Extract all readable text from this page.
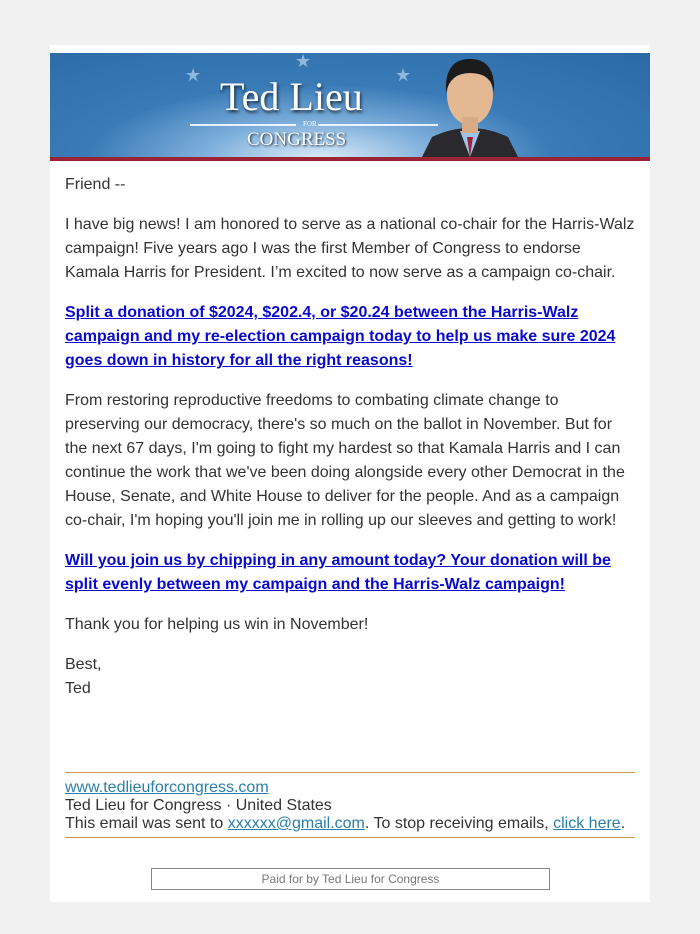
★
★
★
Ted Lieu
FOR
CONGRESS

Friend --

I have big news! I am honored to serve as a national co-chair for the Harris-Walz campaign! Five years ago I was the first Member of Congress to endorse Kamala Harris for President. I’m excited to now serve as a campaign co-chair.

Split a donation of $2024, $202.4, or $20.24 between the Harris-Walz campaign and my re-election campaign today to help us make sure 2024 goes down in history for all the right reasons!

From restoring reproductive freedoms to combating climate change to preserving our democracy, there's so much on the ballot in November. But for the next 67 days, I'm going to fight my hardest so that Kamala Harris and I can continue the work that we've been doing alongside every other Democrat in the House, Senate, and White House to deliver for the people. And as a campaign co-chair, I'm hoping you'll join me in rolling up our sleeves and getting to work!

Will you join us by chipping in any amount today? Your donation will be split evenly between my campaign and the Harris-Walz campaign!

Thank you for helping us win in November!

Best,
Ted
www.tedlieuforcongress.com
Ted Lieu for Congress · United States
This email was sent to xxxxxx@gmail.com. To stop receiving emails, click here.
Paid for by Ted Lieu for Congress
